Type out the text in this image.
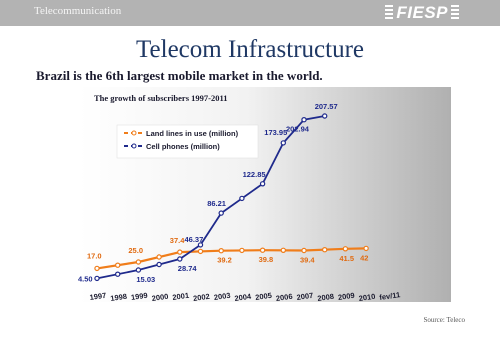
Telecommunication	FIESP
Telecom Infrastructure
Brazil is the 6th largest mobile market in the world.
The growth of subscribers 1997-2011
1997 1998 1999 2000 2001 2002 2003 2004 2005 2006 2007 2008 2009 2010 fev/11
17.0
25.0
37.4
39.2	39.8	39.4	41.5 42
4.50	15.03
28.74
46.37
86.21
122.85
173.95
202.94
207.57
Land lines in use (million)
Cell phones (million)
Source: Teleco
